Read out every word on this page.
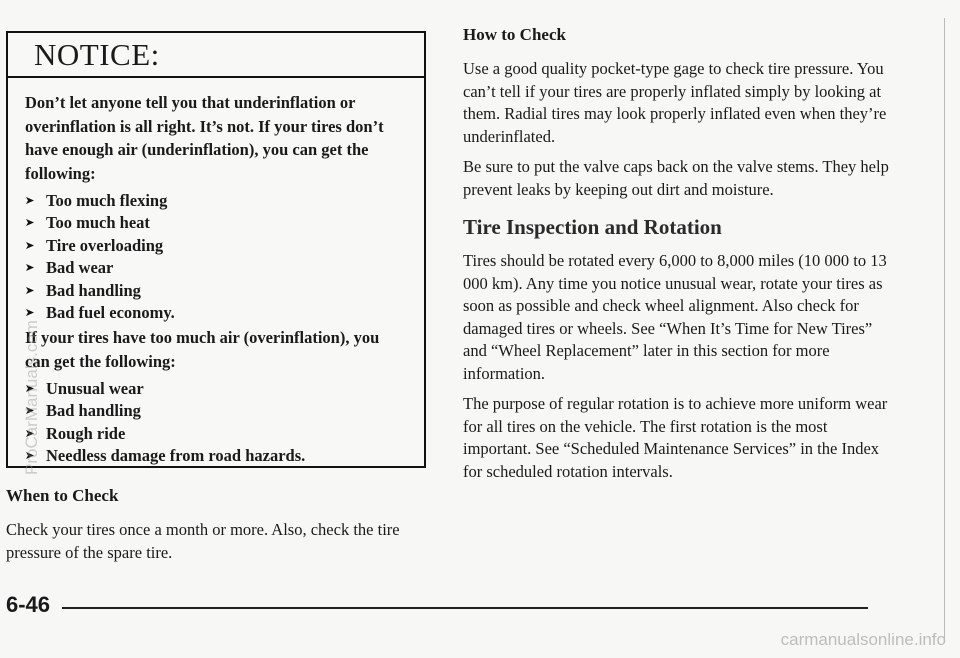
NOTICE:

Don’t let anyone tell you that underinflation or overinflation is all right. It’s not. If your tires don’t have enough air (underinflation), you can get the following:

Too much flexing
Too much heat
Tire overloading
Bad wear
Bad handling
Bad fuel economy.

If your tires have too much air (overinflation), you can get the following:

Unusual wear
Bad handling
Rough ride
Needless damage from road hazards.
When to Check

Check your tires once a month or more. Also, check the tire pressure of the spare tire.

How to Check

Use a good quality pocket-type gage to check tire pressure. You can’t tell if your tires are properly inflated simply by looking at them. Radial tires may look properly inflated even when they’re underinflated.

Be sure to put the valve caps back on the valve stems. They help prevent leaks by keeping out dirt and moisture.

Tire Inspection and Rotation

Tires should be rotated every 6,000 to 8,000 miles (10 000 to 13 000 km). Any time you notice unusual wear, rotate your tires as soon as possible and check wheel alignment. Also check for damaged tires or wheels. See “When It’s Time for New Tires” and “Wheel Replacement” later in this section for more information.

The purpose of regular rotation is to achieve more uniform wear for all tires on the vehicle. The first rotation is the most important. See “Scheduled Maintenance Services” in the Index for scheduled rotation intervals.

6-46
ProCarManuals.com
carmanualsonline.info
